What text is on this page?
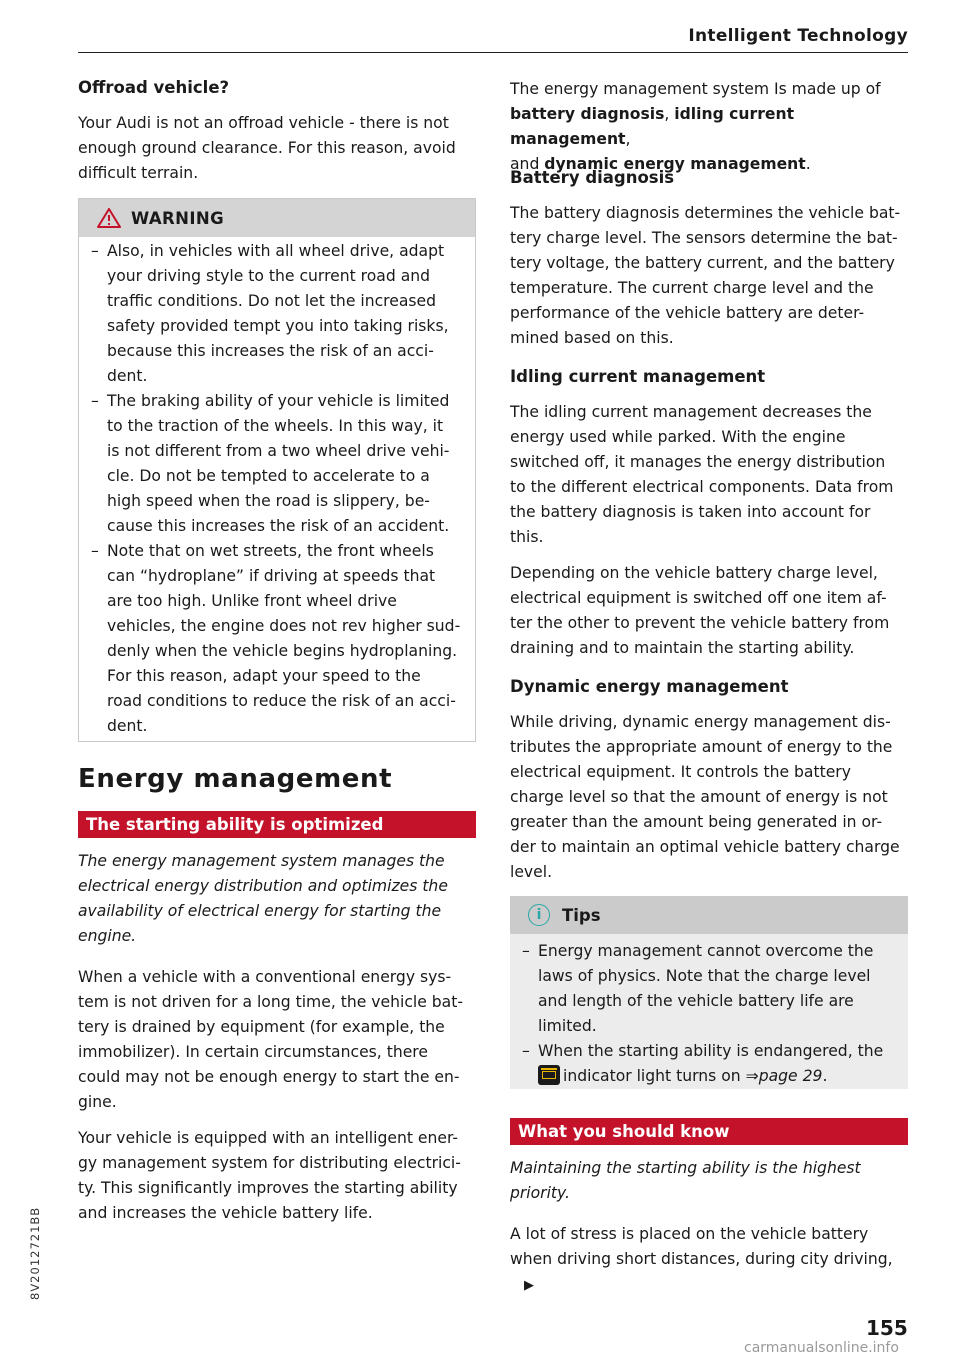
Intelligent Technology
Offroad vehicle?

Your Audi is not an offroad vehicle - there is not

enough ground clearance. For this reason, avoid

difficult terrain.

WARNING
– Also, in vehicles with all wheel drive, adapt
your driving style to the current road and
traffic conditions. Do not let the increased
safety provided tempt you into taking risks,
because this increases the risk of an acci-
dent.
– The braking ability of your vehicle is limited
to the traction of the wheels. In this way, it
is not different from a two wheel drive vehi-
cle. Do not be tempted to accelerate to a
high speed when the road is slippery, be-
cause this increases the risk of an accident.
– Note that on wet streets, the front wheels
can “hydroplane” if driving at speeds that
are too high. Unlike front wheel drive
vehicles, the engine does not rev higher sud-
denly when the vehicle begins hydroplaning.
For this reason, adapt your speed to the
road conditions to reduce the risk of an acci-
dent.
Energy management
The starting ability is optimized

The energy management system manages the

electrical energy distribution and optimizes the

availability of electrical energy for starting the

engine.

When a vehicle with a conventional energy sys-

tem is not driven for a long time, the vehicle bat-

tery is drained by equipment (for example, the

immobilizer). In certain circumstances, there

could may not be enough energy to start the en-

gine.

Your vehicle is equipped with an intelligent ener-

gy management system for distributing electrici-

ty. This significantly improves the starting ability

and increases the vehicle battery life.

The energy management system Is made up of

battery diagnosis, idling current management,

and dynamic energy management.

Battery diagnosis

The battery diagnosis determines the vehicle bat-

tery charge level. The sensors determine the bat-

tery voltage, the battery current, and the battery

temperature. The current charge level and the

performance of the vehicle battery are deter-

mined based on this.

Idling current management

The idling current management decreases the

energy used while parked. With the engine

switched off, it manages the energy distribution

to the different electrical components. Data from

the battery diagnosis is taken into account for

this.

Depending on the vehicle battery charge level,

electrical equipment is switched off one item af-

ter the other to prevent the vehicle battery from

draining and to maintain the starting ability.

Dynamic energy management

While driving, dynamic energy management dis-

tributes the appropriate amount of energy to the

electrical equipment. It controls the battery

charge level so that the amount of energy is not

greater than the amount being generated in or-

der to maintain an optimal vehicle battery charge

level.

i	Tips
– Energy management cannot overcome the
laws of physics. Note that the charge level
and length of the vehicle battery life are
limited.
– When the starting ability is endangered, the
indicator light turns on ⇒page 29.
What you should know

Maintaining the starting ability is the highest

priority.

A lot of stress is placed on the vehicle battery

when driving short distances, during city driving,▶

8V2012721BB
155
carmanualsonline.info
